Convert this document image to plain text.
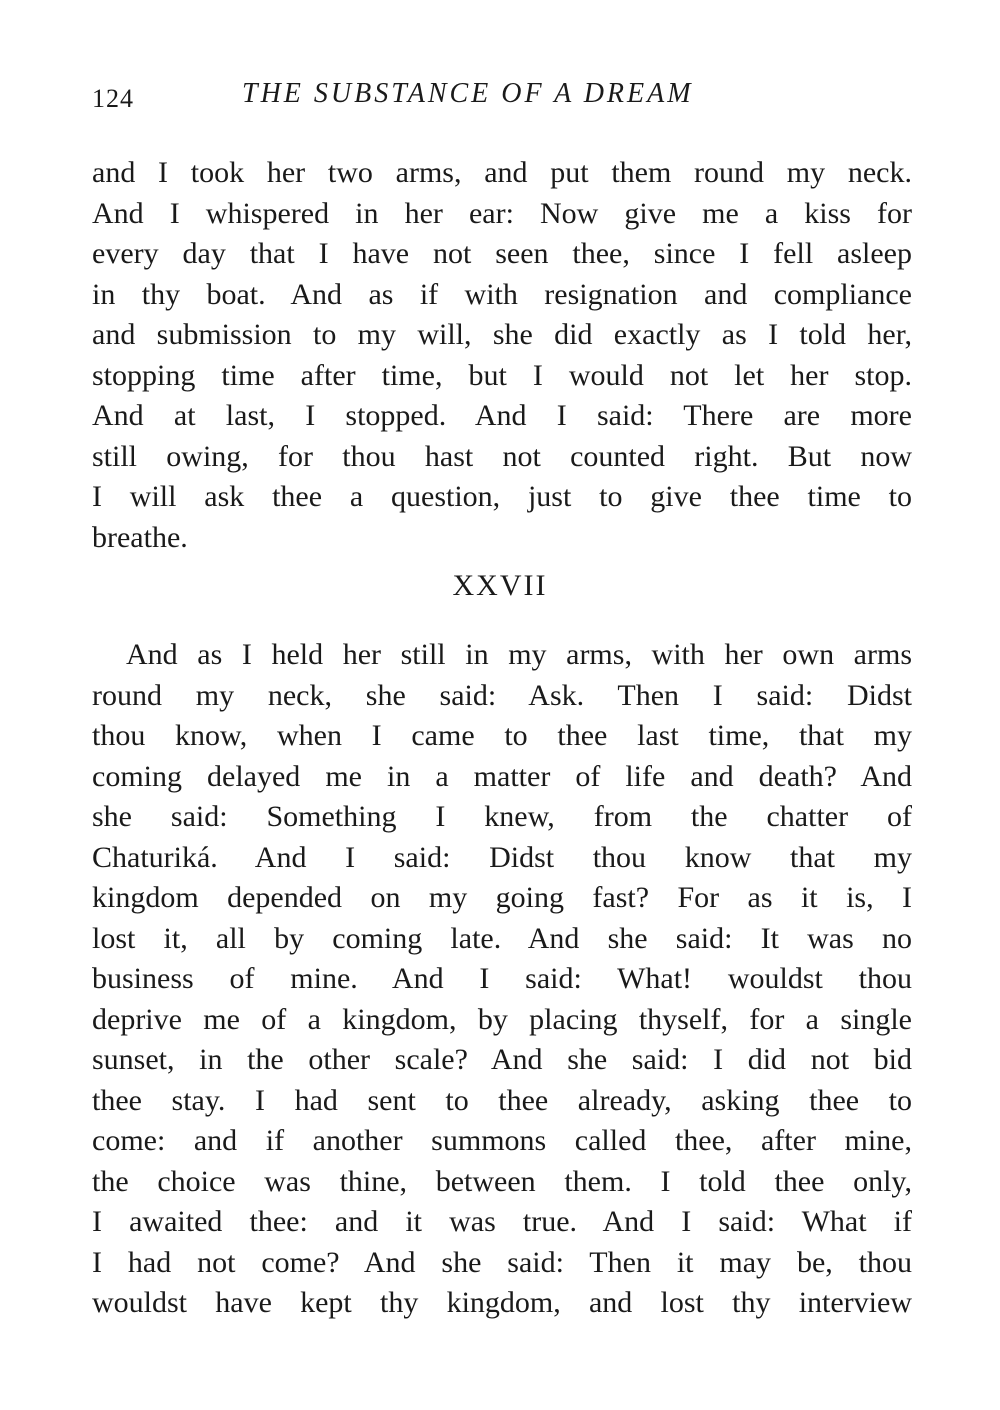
124	THE SUBSTANCE OF A DREAM
and I took her two arms, and put them round my neck.
And I whispered in her ear: Now give me a kiss for
every day that I have not seen thee, since I fell asleep
in thy boat. And as if with resignation and compliance
and submission to my will, she did exactly as I told her,
stopping time after time, but I would not let her stop.
And at last, I stopped. And I said: There are more
still owing, for thou hast not counted right. But now
I will ask thee a question, just to give thee time to
breathe.
XXVII
And as I held her still in my arms, with her own arms
round my neck, she said: Ask. Then I said: Didst
thou know, when I came to thee last time, that my
coming delayed me in a matter of life and death? And
she said: Something I knew, from the chatter of
Chaturiká. And I said: Didst thou know that my
kingdom depended on my going fast? For as it is, I
lost it, all by coming late. And she said: It was no
business of mine. And I said: What! wouldst thou
deprive me of a kingdom, by placing thyself, for a single
sunset, in the other scale? And she said: I did not bid
thee stay. I had sent to thee already, asking thee to
come: and if another summons called thee, after mine,
the choice was thine, between them. I told thee only,
I awaited thee: and it was true. And I said: What if
I had not come? And she said: Then it may be, thou
wouldst have kept thy kingdom, and lost thy interview
